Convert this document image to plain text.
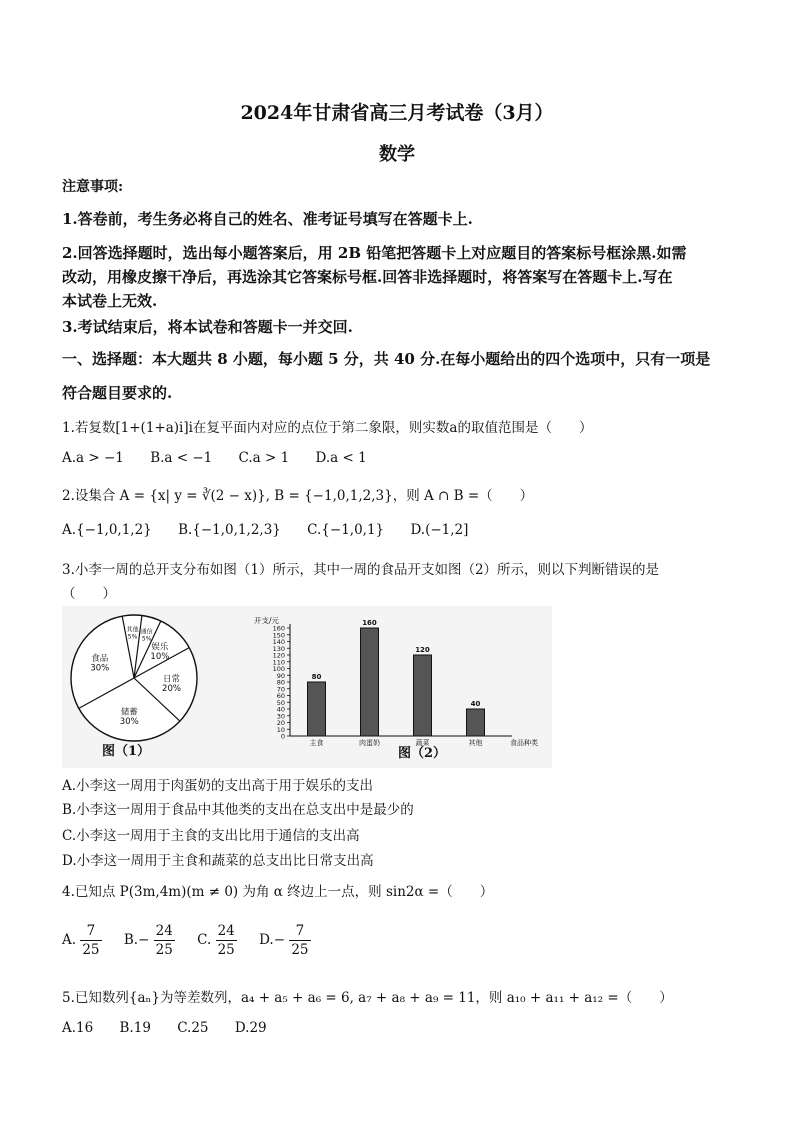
2024年甘肃省高三月考试卷（3月）
数学
注意事项:
1.答卷前，考生务必将自己的姓名、准考证号填写在答题卡上.
2.回答选择题时，选出每小题答案后，用 2B 铅笔把答题卡上对应题目的答案标号框涂黑.如需
改动，用橡皮擦干净后，再选涂其它答案标号框.回答非选择题时，将答案写在答题卡上.写在
本试卷上无效.
3.考试结束后，将本试卷和答题卡一并交回.
一、选择题：本大题共 8 小题，每小题 5 分，共 40 分.在每小题给出的四个选项中，只有一项是
符合题目要求的.
1.若复数[1+(1+a)i]i在复平面内对应的点位于第二象限，则实数a的取值范围是（　　）
A.a > −1 B.a < −1 C.a > 1 D.a < 1
2.设集合 A = {x| y = ∛(2 − x)}, B = {−1,0,1,2,3}，则 A ∩ B =（　　）
A.{−1,0,1,2} B.{−1,0,1,2,3} C.{−1,0,1} D.(−1,2]
3.小李一周的总开支分布如图（1）所示，其中一周的食品开支如图（2）所示，则以下判断错误的是
（　　）
其他
5%
通信
5%
娱乐
10%
日常
20%
储蓄
30%
食品
30%
图（1）
开支/元
0
10
20
30
40
50
60
70
80
90
100
110
120
130
140
150
160
80
主食
160
肉蛋奶
120
蔬菜
40
其他	食品种类
图（2）
A.小李这一周用于肉蛋奶的支出高于用于娱乐的支出
B.小李这一周用于食品中其他类的支出在总支出中是最少的
C.小李这一周用于主食的支出比用于通信的支出高
D.小李这一周用于主食和蔬菜的总支出比日常支出高
4.已知点 P(3m,4m)(m ≠ 0) 为角 α 终边上一点，则 sin2α =（　　）
A. $\frac{7}{25} B.- \frac{24}{25} C$. $\frac{24}{25} D.- \frac{7}{25}$
5.已知数列{aₙ}为等差数列，a₄ + a₅ + a₆ = 6, a₇ + a₈ + a₉ = 11，则 a₁₀ + a₁₁ + a₁₂ =（　　）
A.16 B.19 C.25 D.29
